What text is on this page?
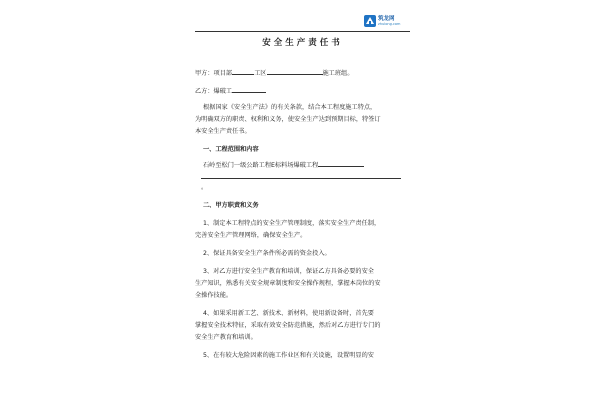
筑龙网
zhulong.com
安全生产责任书
甲方：项目部	工区	施工班组。
乙方：爆破工
根据国家《安全生产法》的有关条款，结合本工程度施工特点，
为明确双方的职责、权利和义务，使安全生产达到预期目标，特签订
本安全生产责任书。
一、工程范围和内容
石岭至松门一级公路工程E标料场爆破工程
。
二、甲方职责和义务
1、制定本工程特点的安全生产管理制度，落实安全生产责任制，
完善安全生产管理网络，确保安全生产。
2、保证具备安全生产条件所必需的资金投入。
3、对乙方进行安全生产教育和培训，保证乙方具备必要的安全
生产知识，熟悉有关安全规章制度和安全操作规程，掌握本岗位的安
全操作技能。
4、如果采用新工艺、新技术、新材料，使用新设备时，首先要
掌握安全技术特征，采取有效安全防范措施，然后对乙方进行专门的
安全生产教育和培训。
5、在有较大危险因素的施工作业区和有关设施，设置明显的安
